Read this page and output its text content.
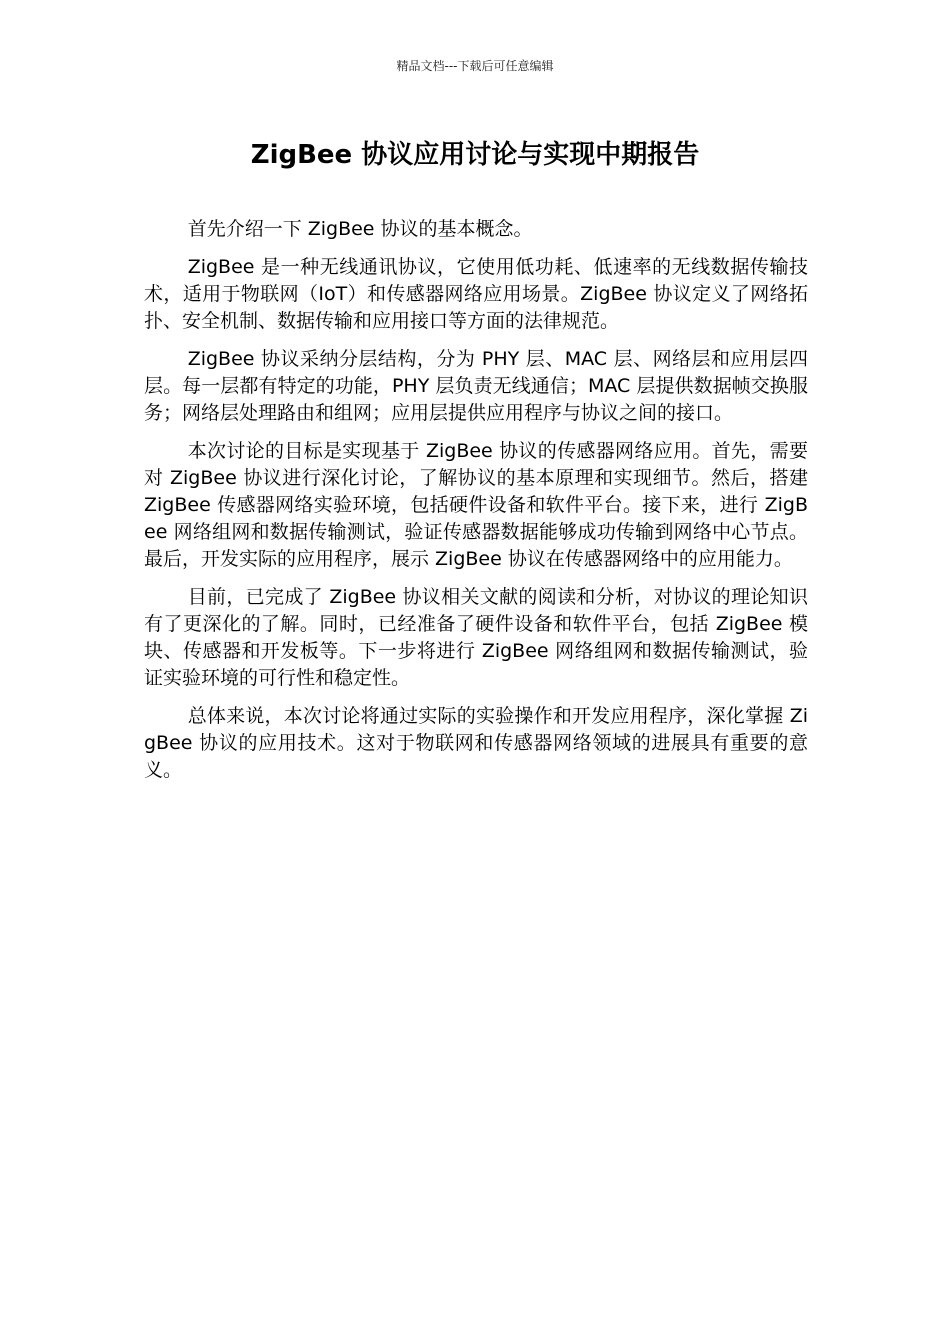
精品文档---下载后可任意编辑
ZigBee 协议应用讨论与实现中期报告

首先介绍一下 ZigBee 协议的基本概念。

ZigBee 是一种无线通讯协议，它使用低功耗、低速率的无线数据传输技术，适用于物联网（IoT）和传感器网络应用场景。ZigBee 协议定义了网络拓扑、安全机制、数据传输和应用接口等方面的法律规范。

ZigBee 协议采纳分层结构，分为 PHY 层、MAC 层、网络层和应用层四层。每一层都有特定的功能，PHY 层负责无线通信；MAC 层提供数据帧交换服务；网络层处理路由和组网；应用层提供应用程序与协议之间的接口。

本次讨论的目标是实现基于 ZigBee 协议的传感器网络应用。首先，需要对 ZigBee 协议进行深化讨论，了解协议的基本原理和实现细节。然后，搭建 ZigBee 传感器网络实验环境，包括硬件设备和软件平台。接下来，进行 ZigBee 网络组网和数据传输测试，验证传感器数据能够成功传输到网络中心节点。最后，开发实际的应用程序，展示 ZigBee 协议在传感器网络中的应用能力。

目前，已完成了 ZigBee 协议相关文献的阅读和分析，对协议的理论知识有了更深化的了解。同时，已经准备了硬件设备和软件平台，包括 ZigBee 模块、传感器和开发板等。下一步将进行 ZigBee 网络组网和数据传输测试，验证实验环境的可行性和稳定性。

总体来说，本次讨论将通过实际的实验操作和开发应用程序，深化掌握 ZigBee 协议的应用技术。这对于物联网和传感器网络领域的进展具有重要的意义。
